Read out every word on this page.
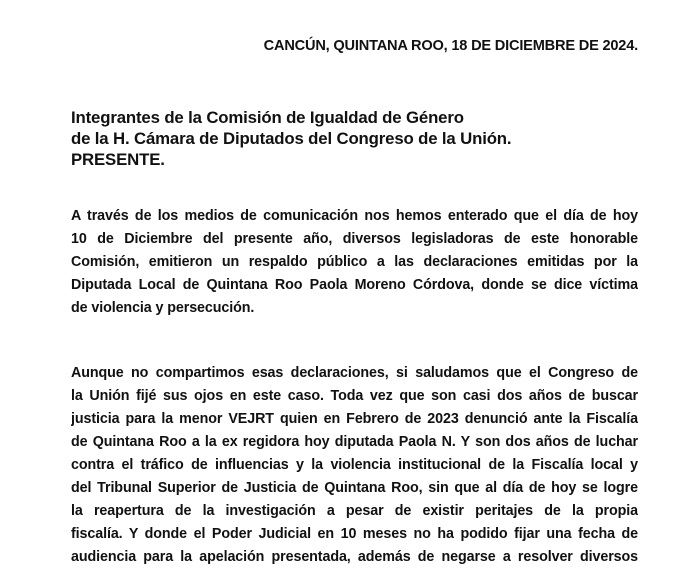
CANCÚN, QUINTANA ROO, 18 DE DICIEMBRE DE 2024.
Integrantes de la Comisión de Igualdad de Género
de la H. Cámara de Diputados del Congreso de la Unión.
PRESENTE.
A través de los medios de comunicación nos hemos enterado que el día de hoy
10 de Diciembre del presente año, diversos legisladoras de este honorable
Comisión, emitieron un respaldo público a las declaraciones emitidas por la
Diputada Local de Quintana Roo Paola Moreno Córdova, donde se dice víctima
de violencia y persecución.
Aunque no compartimos esas declaraciones, si saludamos que el Congreso de
la Unión fijé sus ojos en este caso. Toda vez que son casi dos años de buscar
justicia para la menor VEJRT quien en Febrero de 2023 denunció ante la Fiscalía
de Quintana Roo a la ex regidora hoy diputada Paola N. Y son dos años de luchar
contra el tráfico de influencias y la violencia institucional de la Fiscalía local y
del Tribunal Superior de Justicia de Quintana Roo, sin que al día de hoy se logre
la reapertura de la investigación a pesar de existir peritajes de la propia
fiscalía. Y donde el Poder Judicial en 10 meses no ha podido fijar una fecha de
audiencia para la apelación presentada, además de negarse a resolver diversos
